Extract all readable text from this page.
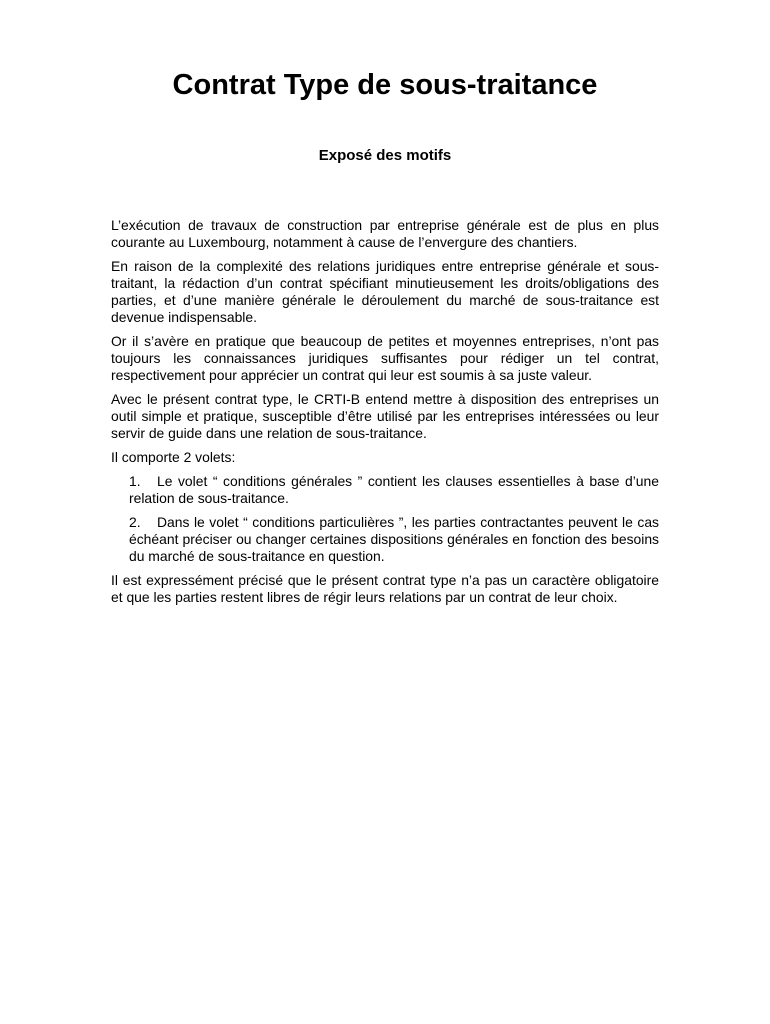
Contrat Type de sous-traitance
Exposé des motifs

L’exécution de travaux de construction par entreprise générale est de plus en plus courante au Luxembourg, notamment à cause de l’envergure des chantiers.

En raison de la complexité des relations juridiques entre entreprise générale et sous-traitant, la rédaction d’un contrat spécifiant minutieusement les droits/obligations des parties, et d’une manière générale le déroulement du marché de sous-traitance est devenue indispensable.

Or il s’avère en pratique que beaucoup de petites et moyennes entreprises, n’ont pas toujours les connaissances juridiques suffisantes pour rédiger un tel contrat, respectivement pour apprécier un contrat qui leur est soumis à sa juste valeur.

Avec le présent contrat type, le CRTI-B entend mettre à disposition des entreprises un outil simple et pratique, susceptible d’être utilisé par les entreprises intéressées ou leur servir de guide dans une relation de sous-traitance.

Il comporte 2 volets:

1. Le volet “ conditions générales ” contient les clauses essentielles à base d’une relation de sous-traitance.
2. Dans le volet “ conditions particulières ”, les parties contractantes peuvent le cas échéant préciser ou changer certaines dispositions générales en fonction des besoins du marché de sous-traitance en question.

Il est expressément précisé que le présent contrat type n’a pas un caractère obligatoire et que les parties restent libres de régir leurs relations par un contrat de leur choix.
